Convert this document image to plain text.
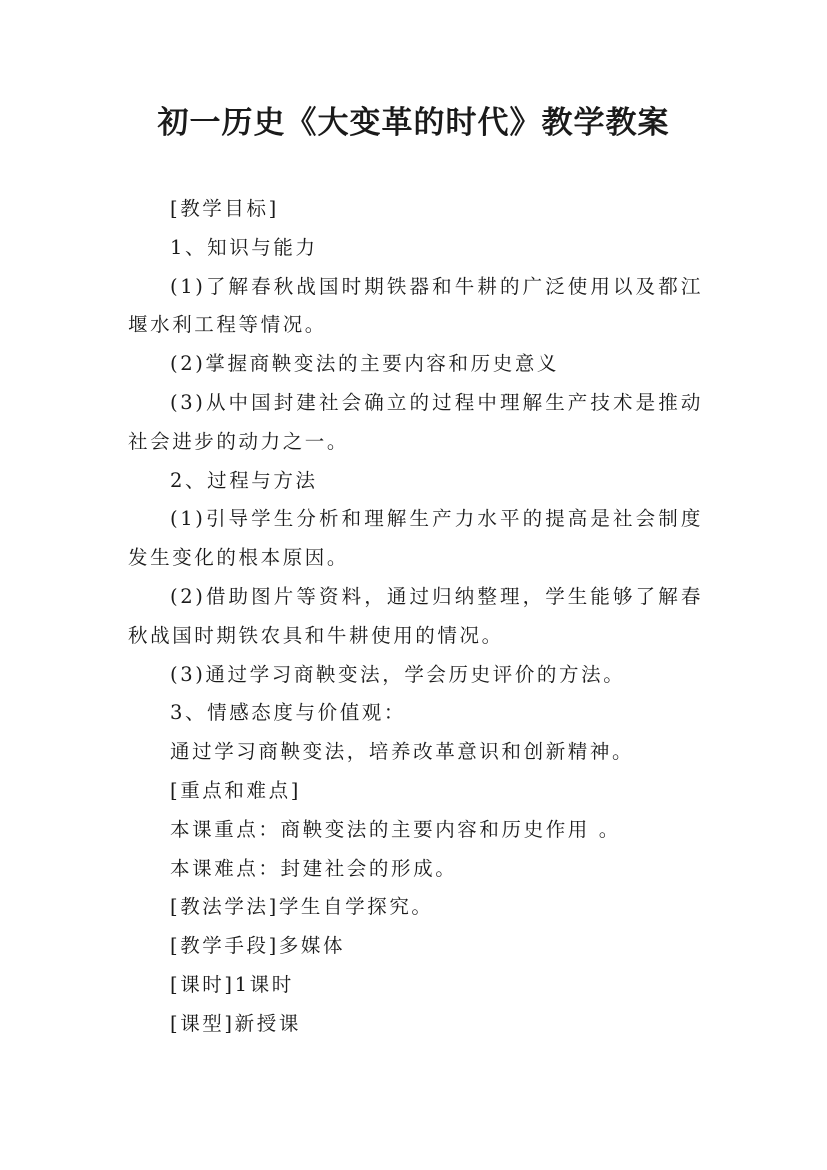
初一历史《大变革的时代》教学教案

[教学目标]

1、知识与能力

(1)了解春秋战国时期铁器和牛耕的广泛使用以及都江堰水利工程等情况。

(2)掌握商鞅变法的主要内容和历史意义

(3)从中国封建社会确立的过程中理解生产技术是推动社会进步的动力之一。

2、过程与方法

(1)引导学生分析和理解生产力水平的提高是社会制度发生变化的根本原因。

(2)借助图片等资料，通过归纳整理，学生能够了解春秋战国时期铁农具和牛耕使用的情况。

(3)通过学习商鞅变法，学会历史评价的方法。

3、情感态度与价值观：

通过学习商鞅变法，培养改革意识和创新精神。

[重点和难点]

本课重点：商鞅变法的主要内容和历史作用 。

本课难点：封建社会的形成。

[教法学法]学生自学探究。

[教学手段]多媒体

[课时]1课时

[课型]新授课
